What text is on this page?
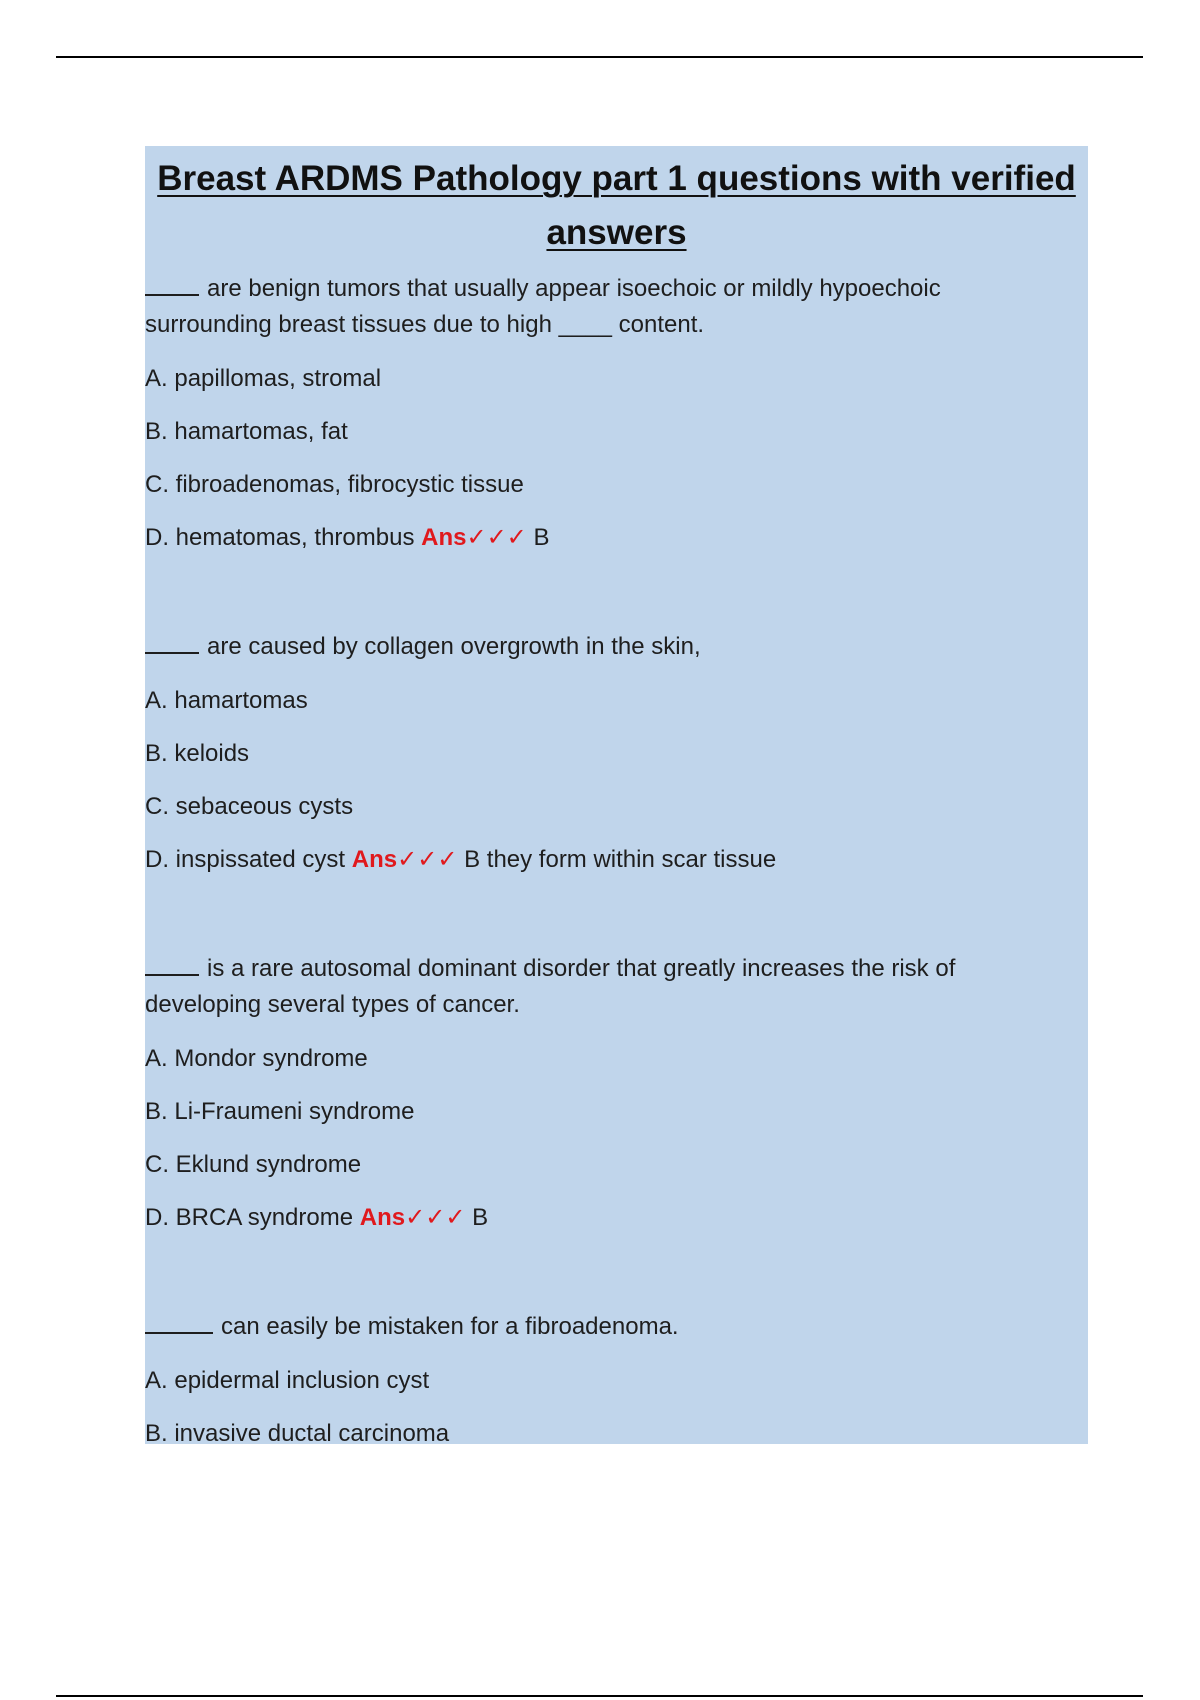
Breast ARDMS Pathology part 1 questions with verified answers

are benign tumors that usually appear isoechoic or mildly hypoechoic surrounding breast tissues due to high ____ content.

A. papillomas, stromal

B. hamartomas, fat

C. fibroadenomas, fibrocystic tissue

D. hematomas, thrombus Ans✓✓✓ B

are caused by collagen overgrowth in the skin,

A. hamartomas

B. keloids

C. sebaceous cysts

D. inspissated cyst Ans✓✓✓ B they form within scar tissue

is a rare autosomal dominant disorder that greatly increases the risk of developing several types of cancer.

A. Mondor syndrome

B. Li-Fraumeni syndrome

C. Eklund syndrome

D. BRCA syndrome Ans✓✓✓ B

can easily be mistaken for a fibroadenoma.

A. epidermal inclusion cyst

B. invasive ductal carcinoma
